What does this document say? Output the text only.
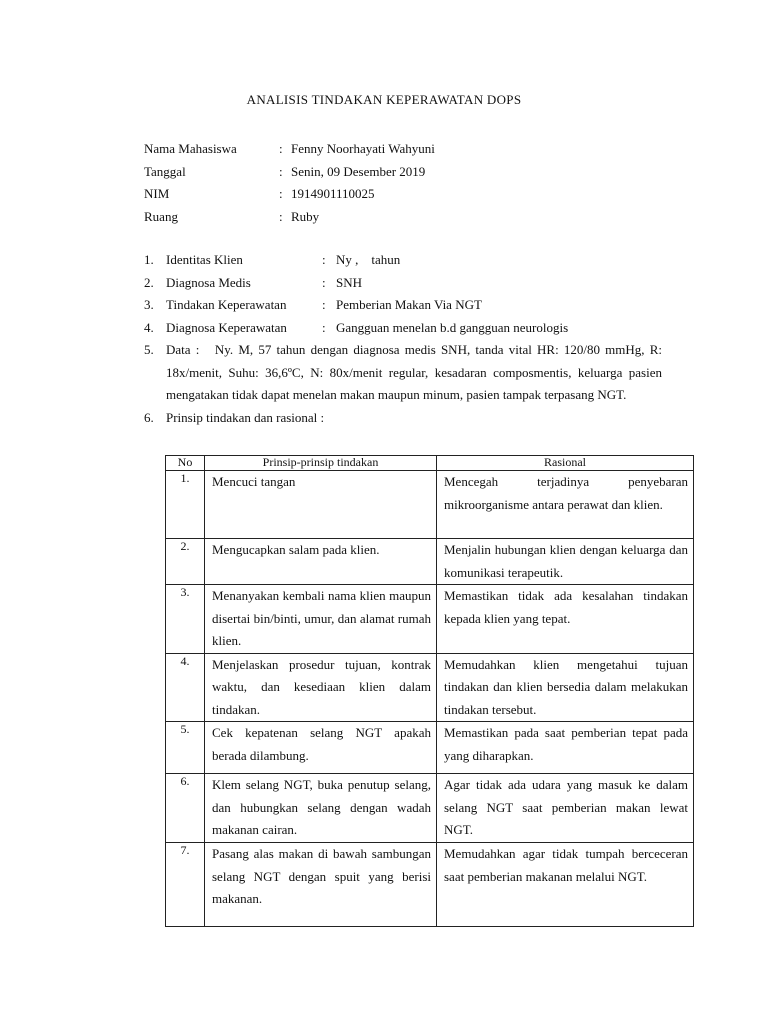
ANALISIS TINDAKAN KEPERAWATAN DOPS
Nama Mahasiswa	: Fenny Noorhayati Wahyuni
Tanggal	: Senin, 09 Desember 2019
NIM	: 1914901110025
Ruang	: Ruby
1. Identitas Klien	: Ny ,    tahun
2. Diagnosa Medis	: SNH
3. Tindakan Keperawatan	: Pemberian Makan Via NGT
4. Diagnosa Keperawatan	: Gangguan menelan b.d gangguan neurologis
5. Data :   Ny. M, 57 tahun dengan diagnosa medis SNH, tanda vital HR: 120/80 mmHg, R: 18x/menit, Suhu: 36,6ºC, N: 80x/menit regular, kesadaran composmentis, keluarga pasien mengatakan tidak dapat menelan makan maupun minum, pasien tampak terpasang NGT.
6. Prinsip tindakan dan rasional :
No	Prinsip-prinsip tindakan	Rasional
1.	Mencuci tangan	Mencegah terjadinya penyebaran mikroorganisme antara perawat dan klien.
2.	Mengucapkan salam pada klien.	Menjalin hubungan klien dengan keluarga dan komunikasi terapeutik.
3.	Menanyakan kembali nama klien maupun disertai bin/binti, umur, dan alamat rumah klien.	Memastikan tidak ada kesalahan tindakan kepada klien yang tepat.
4.	Menjelaskan prosedur tujuan, kontrak waktu, dan kesediaan klien dalam tindakan.	Memudahkan klien mengetahui tujuan tindakan dan klien bersedia dalam melakukan tindakan tersebut.
5.	Cek kepatenan selang NGT apakah berada dilambung.	Memastikan pada saat pemberian tepat pada yang diharapkan.
6.	Klem selang NGT, buka penutup selang, dan hubungkan selang dengan wadah makanan cairan.	Agar tidak ada udara yang masuk ke dalam selang NGT saat pemberian makan lewat NGT.
7.	Pasang alas makan di bawah sambungan selang NGT dengan spuit yang berisi makanan.	Memudahkan agar tidak tumpah berceceran saat pemberian makanan melalui NGT.
